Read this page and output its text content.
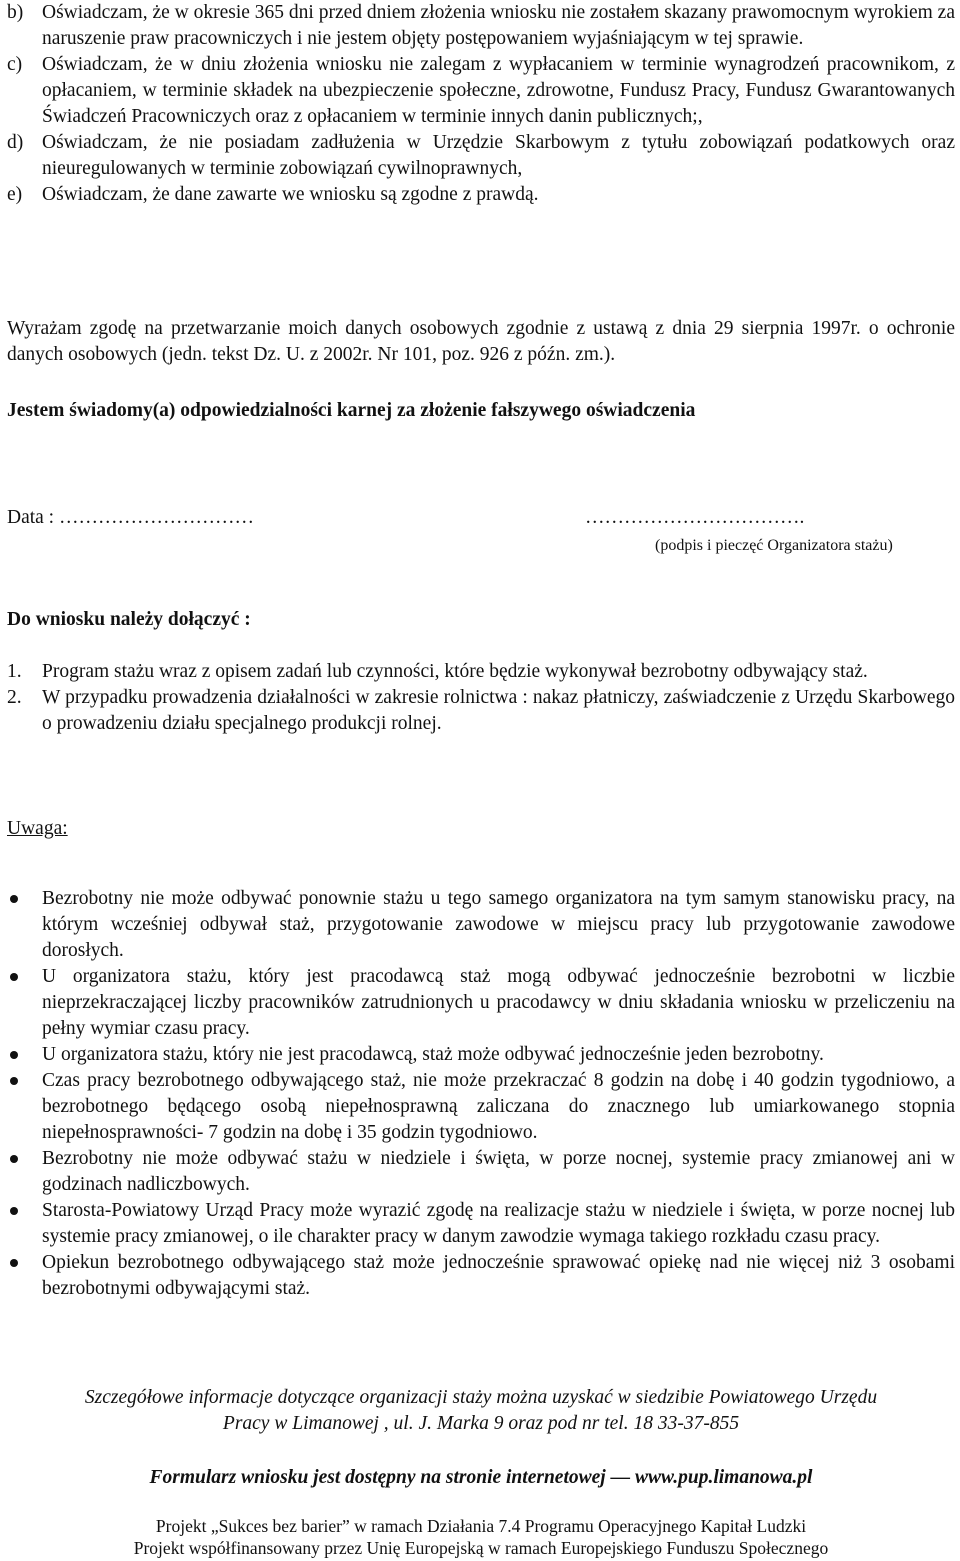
b) Oświadczam, że w okresie 365 dni przed dniem złożenia wniosku nie zostałem skazany prawomocnym wyrokiem za naruszenie praw pracowniczych i nie jestem objęty postępowaniem wyjaśniającym w tej sprawie.
c)	Oświadczam, że w dniu złożenia wniosku nie zalegam z wypłacaniem w terminie wynagrodzeń pracownikom, z opłacaniem, w terminie składek na ubezpieczenie społeczne, zdrowotne, Fundusz Pracy, Fundusz Gwarantowanych Świadczeń Pracowniczych oraz z opłacaniem w terminie innych danin publicznych;,
d) Oświadczam, że nie posiadam zadłużenia w Urzędzie Skarbowym z tytułu zobowiązań podatkowych oraz nieuregulowanych w terminie zobowiązań cywilnoprawnych,
e)	Oświadczam, że dane zawarte we wniosku są zgodne z prawdą.

Wyrażam zgodę na przetwarzanie moich danych osobowych zgodnie z ustawą z dnia 29 sierpnia 1997r. o ochronie danych osobowych (jedn. tekst Dz. U. z 2002r. Nr 101, poz. 926 z późn. zm.).

Jestem świadomy(a) odpowiedzialności karnej za złożenie fałszywego oświadczenia

Data : …………………………	…………………………….
(podpis i pieczęć Organizatora stażu)
Do wniosku należy dołączyć :
1.	Program stażu wraz z opisem zadań lub czynności, które będzie wykonywał bezrobotny odbywający staż.
2.	W przypadku prowadzenia działalności w zakresie rolnictwa : nakaz płatniczy, zaświadczenie z Urzędu Skarbowego o prowadzeniu działu specjalnego produkcji rolnej.
Uwaga:
Bezrobotny nie może odbywać ponownie stażu u tego samego organizatora na tym samym stanowisku pracy, na którym wcześniej odbywał staż, przygotowanie zawodowe w miejscu pracy lub przygotowanie zawodowe dorosłych.
U organizatora stażu, który jest pracodawcą staż mogą odbywać jednocześnie bezrobotni w liczbie nieprzekraczającej liczby pracowników zatrudnionych u pracodawcy w dniu składania wniosku w przeliczeniu na pełny wymiar czasu pracy.
U organizatora stażu, który nie jest pracodawcą, staż może odbywać jednocześnie jeden bezrobotny.
Czas pracy bezrobotnego odbywającego staż, nie może przekraczać 8 godzin na dobę i 40 godzin tygodniowo, a bezrobotnego będącego osobą niepełnosprawną zaliczana do znacznego lub umiarkowanego stopnia niepełnosprawności- 7 godzin na dobę i 35 godzin tygodniowo.
Bezrobotny nie może odbywać stażu w niedziele i święta, w porze nocnej, systemie pracy zmianowej ani w godzinach nadliczbowych.
Starosta-Powiatowy Urząd Pracy może wyrazić zgodę na realizacje stażu w niedziele i święta, w porze nocnej lub systemie pracy zmianowej, o ile charakter pracy w danym zawodzie wymaga takiego rozkładu czasu pracy.
Opiekun bezrobotnego odbywającego staż może jednocześnie sprawować opiekę nad nie więcej niż 3 osobami bezrobotnymi odbywającymi staż.
Szczegółowe informacje dotyczące organizacji staży można uzyskać w siedzibie Powiatowego Urzędu
Pracy w Limanowej , ul. J. Marka 9 oraz pod nr tel. 18 33-37-855
Formularz wniosku jest dostępny na stronie internetowej — www.pup.limanowa.pl
Projekt „Sukces bez barier” w ramach Działania 7.4 Programu Operacyjnego Kapitał Ludzki
Projekt współfinansowany przez Unię Europejską w ramach Europejskiego Funduszu Społecznego
